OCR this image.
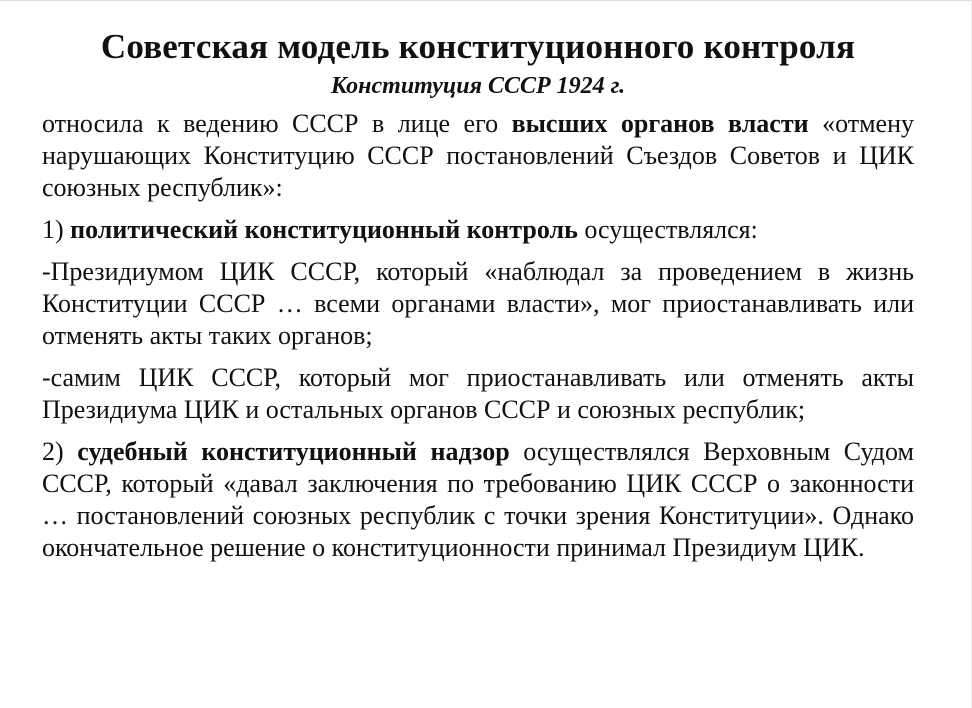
Советская модель конституционного контроля
Конституция СССР 1924 г.

относила к ведению СССР в лице его высших органов власти «отмену нарушающих Конституцию СССР постановлений Съездов Советов и ЦИК союзных республик»:

1) политический конституционный контроль осуществлялся:

-Президиумом ЦИК СССР, который «наблюдал за проведением в жизнь Конституции СССР … всеми органами власти», мог приостанавливать или отменять акты таких органов;

-самим ЦИК СССР, который мог приостанавливать или отменять акты Президиума ЦИК и остальных органов СССР и союзных республик;

2) судебный конституционный надзор осуществлялся Верховным Судом СССР, который «давал заключения по требованию ЦИК СССР о законности … постановлений союзных республик с точки зрения Конституции». Однако окончательное решение о конституционности принимал Президиум ЦИК.
